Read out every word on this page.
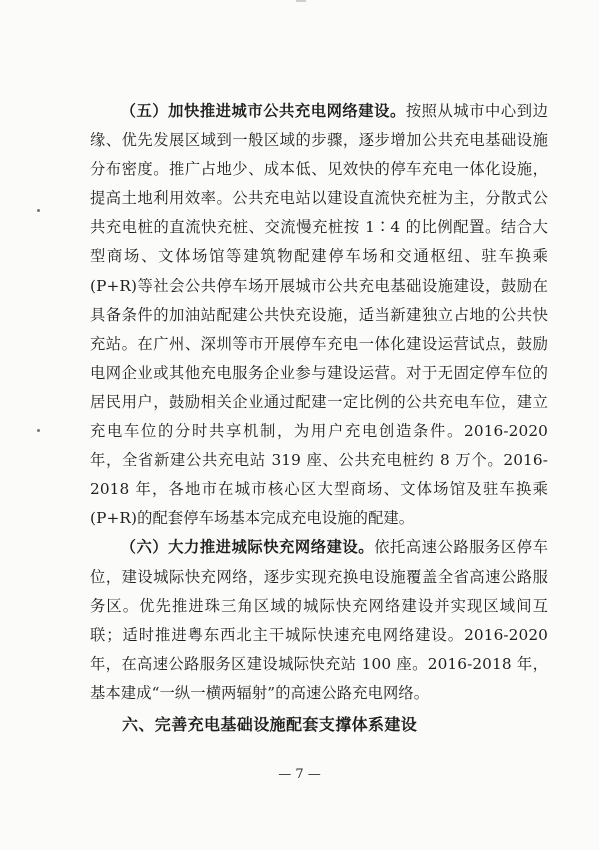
（五）加快推进城市公共充电网络建设。按照从城市中心到边缘、优先发展区域到一般区域的步骤，逐步增加公共充电基础设施分布密度。推广占地少、成本低、见效快的停车充电一体化设施，提高土地利用效率。公共充电站以建设直流快充桩为主，分散式公共充电桩的直流快充桩、交流慢充桩按 1∶4 的比例配置。结合大型商场、文体场馆等建筑物配建停车场和交通枢纽、驻车换乘(P+R)等社会公共停车场开展城市公共充电基础设施建设，鼓励在具备条件的加油站配建公共快充设施，适当新建独立占地的公共快充站。在广州、深圳等市开展停车充电一体化建设运营试点，鼓励电网企业或其他充电服务企业参与建设运营。对于无固定停车位的居民用户，鼓励相关企业通过配建一定比例的公共充电车位，建立充电车位的分时共享机制，为用户充电创造条件。2016-2020 年，全省新建公共充电站 319 座、公共充电桩约 8 万个。2016-2018 年，各地市在城市核心区大型商场、文体场馆及驻车换乘(P+R)的配套停车场基本完成充电设施的配建。

（六）大力推进城际快充网络建设。依托高速公路服务区停车位，建设城际快充网络，逐步实现充换电设施覆盖全省高速公路服务区。优先推进珠三角区域的城际快充网络建设并实现区域间互联；适时推进粤东西北主干城际快速充电网络建设。2016-2020 年，在高速公路服务区建设城际快充站 100 座。2016-2018 年，基本建成“一纵一横两辐射”的高速公路充电网络。

六、完善充电基础设施配套支撑体系建设
— 7 —
